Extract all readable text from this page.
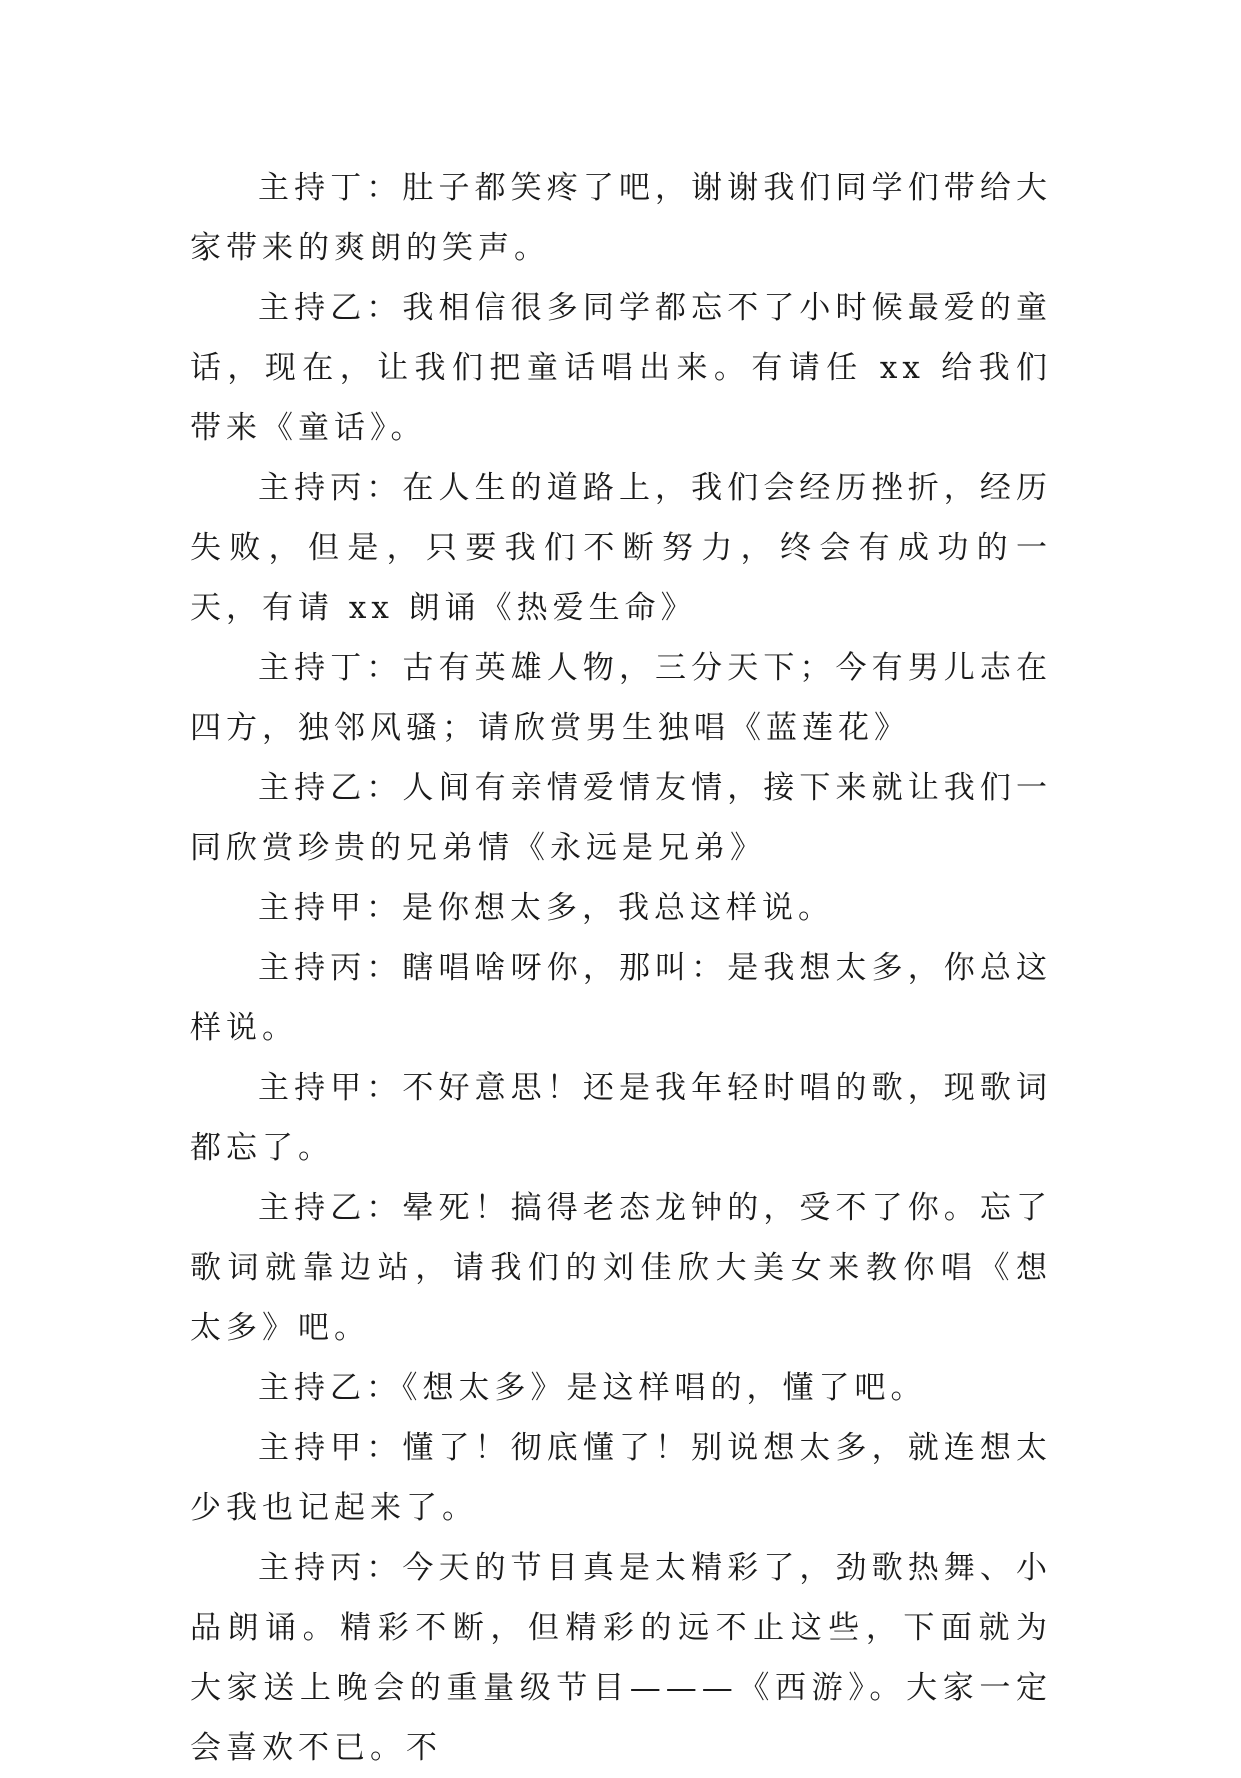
主持丁：肚子都笑疼了吧，谢谢我们同学们带给大家带来的爽朗的笑声。

主持乙：我相信很多同学都忘不了小时候最爱的童话，现在，让我们把童话唱出来。有请任 xx 给我们带来《童话》。

主持丙：在人生的道路上，我们会经历挫折，经历失败，但是，只要我们不断努力，终会有成功的一天，有请 xx 朗诵《热爱生命》

主持丁：古有英雄人物，三分天下；今有男儿志在四方，独邻风骚；请欣赏男生独唱《蓝莲花》

主持乙：人间有亲情爱情友情，接下来就让我们一同欣赏珍贵的兄弟情《永远是兄弟》

主持甲：是你想太多，我总这样说。

主持丙：瞎唱啥呀你，那叫：是我想太多，你总这样说。

主持甲：不好意思！还是我年轻时唱的歌，现歌词都忘了。

主持乙：晕死！搞得老态龙钟的，受不了你。忘了歌词就靠边站，请我们的刘佳欣大美女来教你唱《想太多》吧。

主持乙：《想太多》是这样唱的，懂了吧。

主持甲：懂了！彻底懂了！别说想太多，就连想太少我也记起来了。

主持丙：今天的节目真是太精彩了，劲歌热舞、小品朗诵。精彩不断，但精彩的远不止这些，下面就为大家送上晚会的重量级节目———《西游》。大家一定会喜欢不已。不
